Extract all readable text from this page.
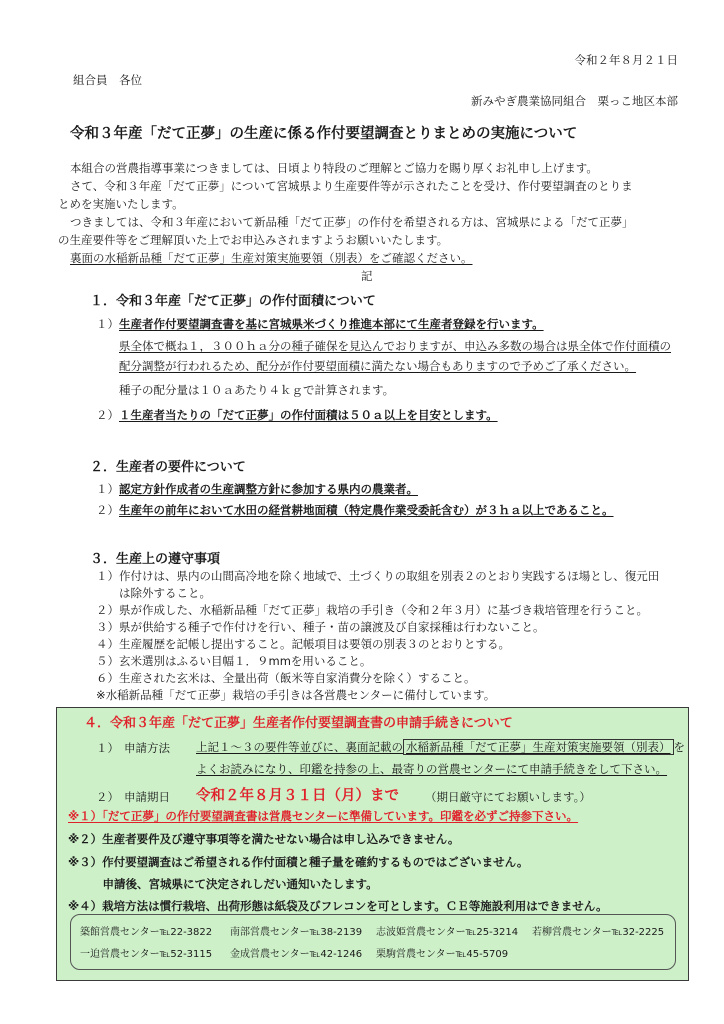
令和２年８月２１日
組合員　各位
新みやぎ農業協同組合　栗っこ地区本部
令和３年産「だて正夢」の生産に係る作付要望調査とりまとめの実施について
本組合の営農指導事業につきましては、日頃より特段のご理解とご協力を賜り厚くお礼申し上げます。
さて、令和３年産「だて正夢」について宮城県より生産要件等が示されたことを受け、作付要望調査のとりま
とめを実施いたします。
つきましては、令和３年産において新品種「だて正夢」の作付を希望される方は、宮城県による「だて正夢」
の生産要件等をご理解頂いた上でお申込みされますようお願いいたします。
裏面の水稲新品種「だて正夢」生産対策実施要領（別表）をご確認ください。
記
１．令和３年産「だて正夢」の作付面積について
１） 生産者作付要望調査書を基に宮城県米づくり推進本部にて生産者登録を行います。
県全体で概ね１，３００ｈａ分の種子確保を見込んでおりますが、申込み多数の場合は県全体で作付面積の
配分調整が行われるため、配分が作付要望面積に満たない場合もありますので予めご了承ください。
種子の配分量は１０ａあたり４ｋｇで計算されます。
２） １生産者当たりの「だて正夢」の作付面積は５０ａ以上を目安とします。
２．生産者の要件について
１） 認定方針作成者の生産調整方針に参加する県内の農業者。
２） 生産年の前年において水田の経営耕地面積（特定農作業受委託含む）が３ｈａ以上であること。
３．生産上の遵守事項
１）作付けは、県内の山間高冷地を除く地域で、土づくりの取組を別表２のとおり実践するほ場とし、復元田
　　は除外すること。
２）県が作成した、水稲新品種「だて正夢」栽培の手引き（令和２年３月）に基づき栽培管理を行うこと。
３）県が供給する種子で作付けを行い、種子・苗の譲渡及び自家採種は行わないこと。
４）生産履歴を記帳し提出すること。記帳項目は要領の別表３のとおりとする。
５）玄米選別はふるい目幅１．９mmを用いること。
６）生産された玄米は、全量出荷（飯米等自家消費分を除く）すること。
※水稲新品種「だて正夢」栽培の手引きは各営農センターに備付しています。
４．令和３年産「だて正夢」生産者作付要望調査書の申請手続きについて
１） 申請方法 上記１～３の要件等並びに、裏面記載の 水稲新品種「だて正夢」生産対策実施要領（別表） を
よくお読みになり、印鑑を持参の上、最寄りの営農センターにて申請手続きをして下さい。
２） 申請期日 令和２年８月３１日（月）まで （期日厳守にてお願いします。）
※１）「だて正夢」の作付要望調査書は営農センターに準備しています。印鑑を必ずご持参下さい。
※２）生産者要件及び遵守事項等を満たせない場合は申し込みできません。
※３）作付要望調査はご希望される作付面積と種子量を確約するものではございません。
　　　申請後、宮城県にて決定されしだい通知いたします。
※４）栽培方法は慣行栽培、出荷形態は紙袋及びフレコンを可とします。ＣＥ等施設利用はできません。
築館営農センター℡22-3822 南部営農センター℡38-2139 志波姫営農センター℡25-3214 若柳営農センター℡32-2225
一迫営農センター℡52-3115 金成営農センター℡42-1246 栗駒営農センター℡45-5709
